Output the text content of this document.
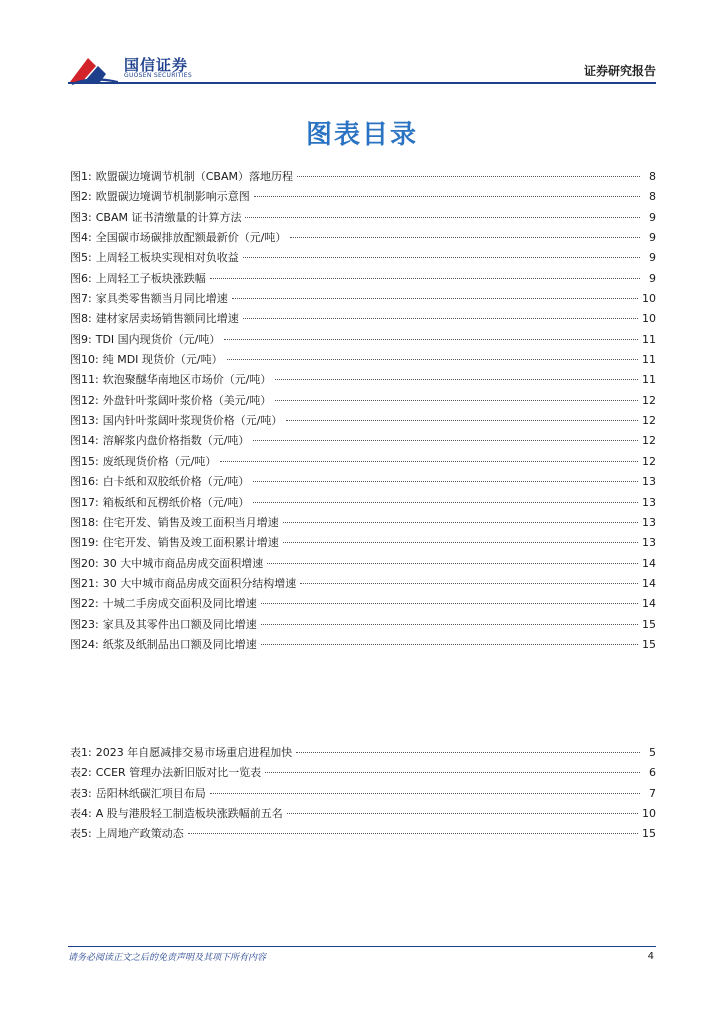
国信证券
GUOSEN SECURITIES	证券研究报告
图表目录
图1: 欧盟碳边境调节机制（CBAM）落地历程	8
图2: 欧盟碳边境调节机制影响示意图	8
图3: CBAM 证书清缴量的计算方法	9
图4: 全国碳市场碳排放配额最新价（元/吨）	9
图5: 上周轻工板块实现相对负收益	9
图6: 上周轻工子板块涨跌幅	9
图7: 家具类零售额当月同比增速	10
图8: 建材家居卖场销售额同比增速	10
图9: TDI 国内现货价（元/吨）	11
图10: 纯 MDI 现货价（元/吨）	11
图11: 软泡聚醚华南地区市场价（元/吨）	11
图12: 外盘针叶浆阔叶浆价格（美元/吨）	12
图13: 国内针叶浆阔叶浆现货价格（元/吨）	12
图14: 溶解浆内盘价格指数（元/吨）	12
图15: 废纸现货价格（元/吨）	12
图16: 白卡纸和双胶纸价格（元/吨）	13
图17: 箱板纸和瓦楞纸价格（元/吨）	13
图18: 住宅开发、销售及竣工面积当月增速	13
图19: 住宅开发、销售及竣工面积累计增速	13
图20: 30 大中城市商品房成交面积增速	14
图21: 30 大中城市商品房成交面积分结构增速	14
图22: 十城二手房成交面积及同比增速	14
图23: 家具及其零件出口额及同比增速	15
图24: 纸浆及纸制品出口额及同比增速	15
表1: 2023 年自愿减排交易市场重启进程加快	5
表2: CCER 管理办法新旧版对比一览表	6
表3: 岳阳林纸碳汇项目布局	7
表4: A 股与港股轻工制造板块涨跌幅前五名	10
表5: 上周地产政策动态	15
请务必阅读正文之后的免责声明及其项下所有内容	4
